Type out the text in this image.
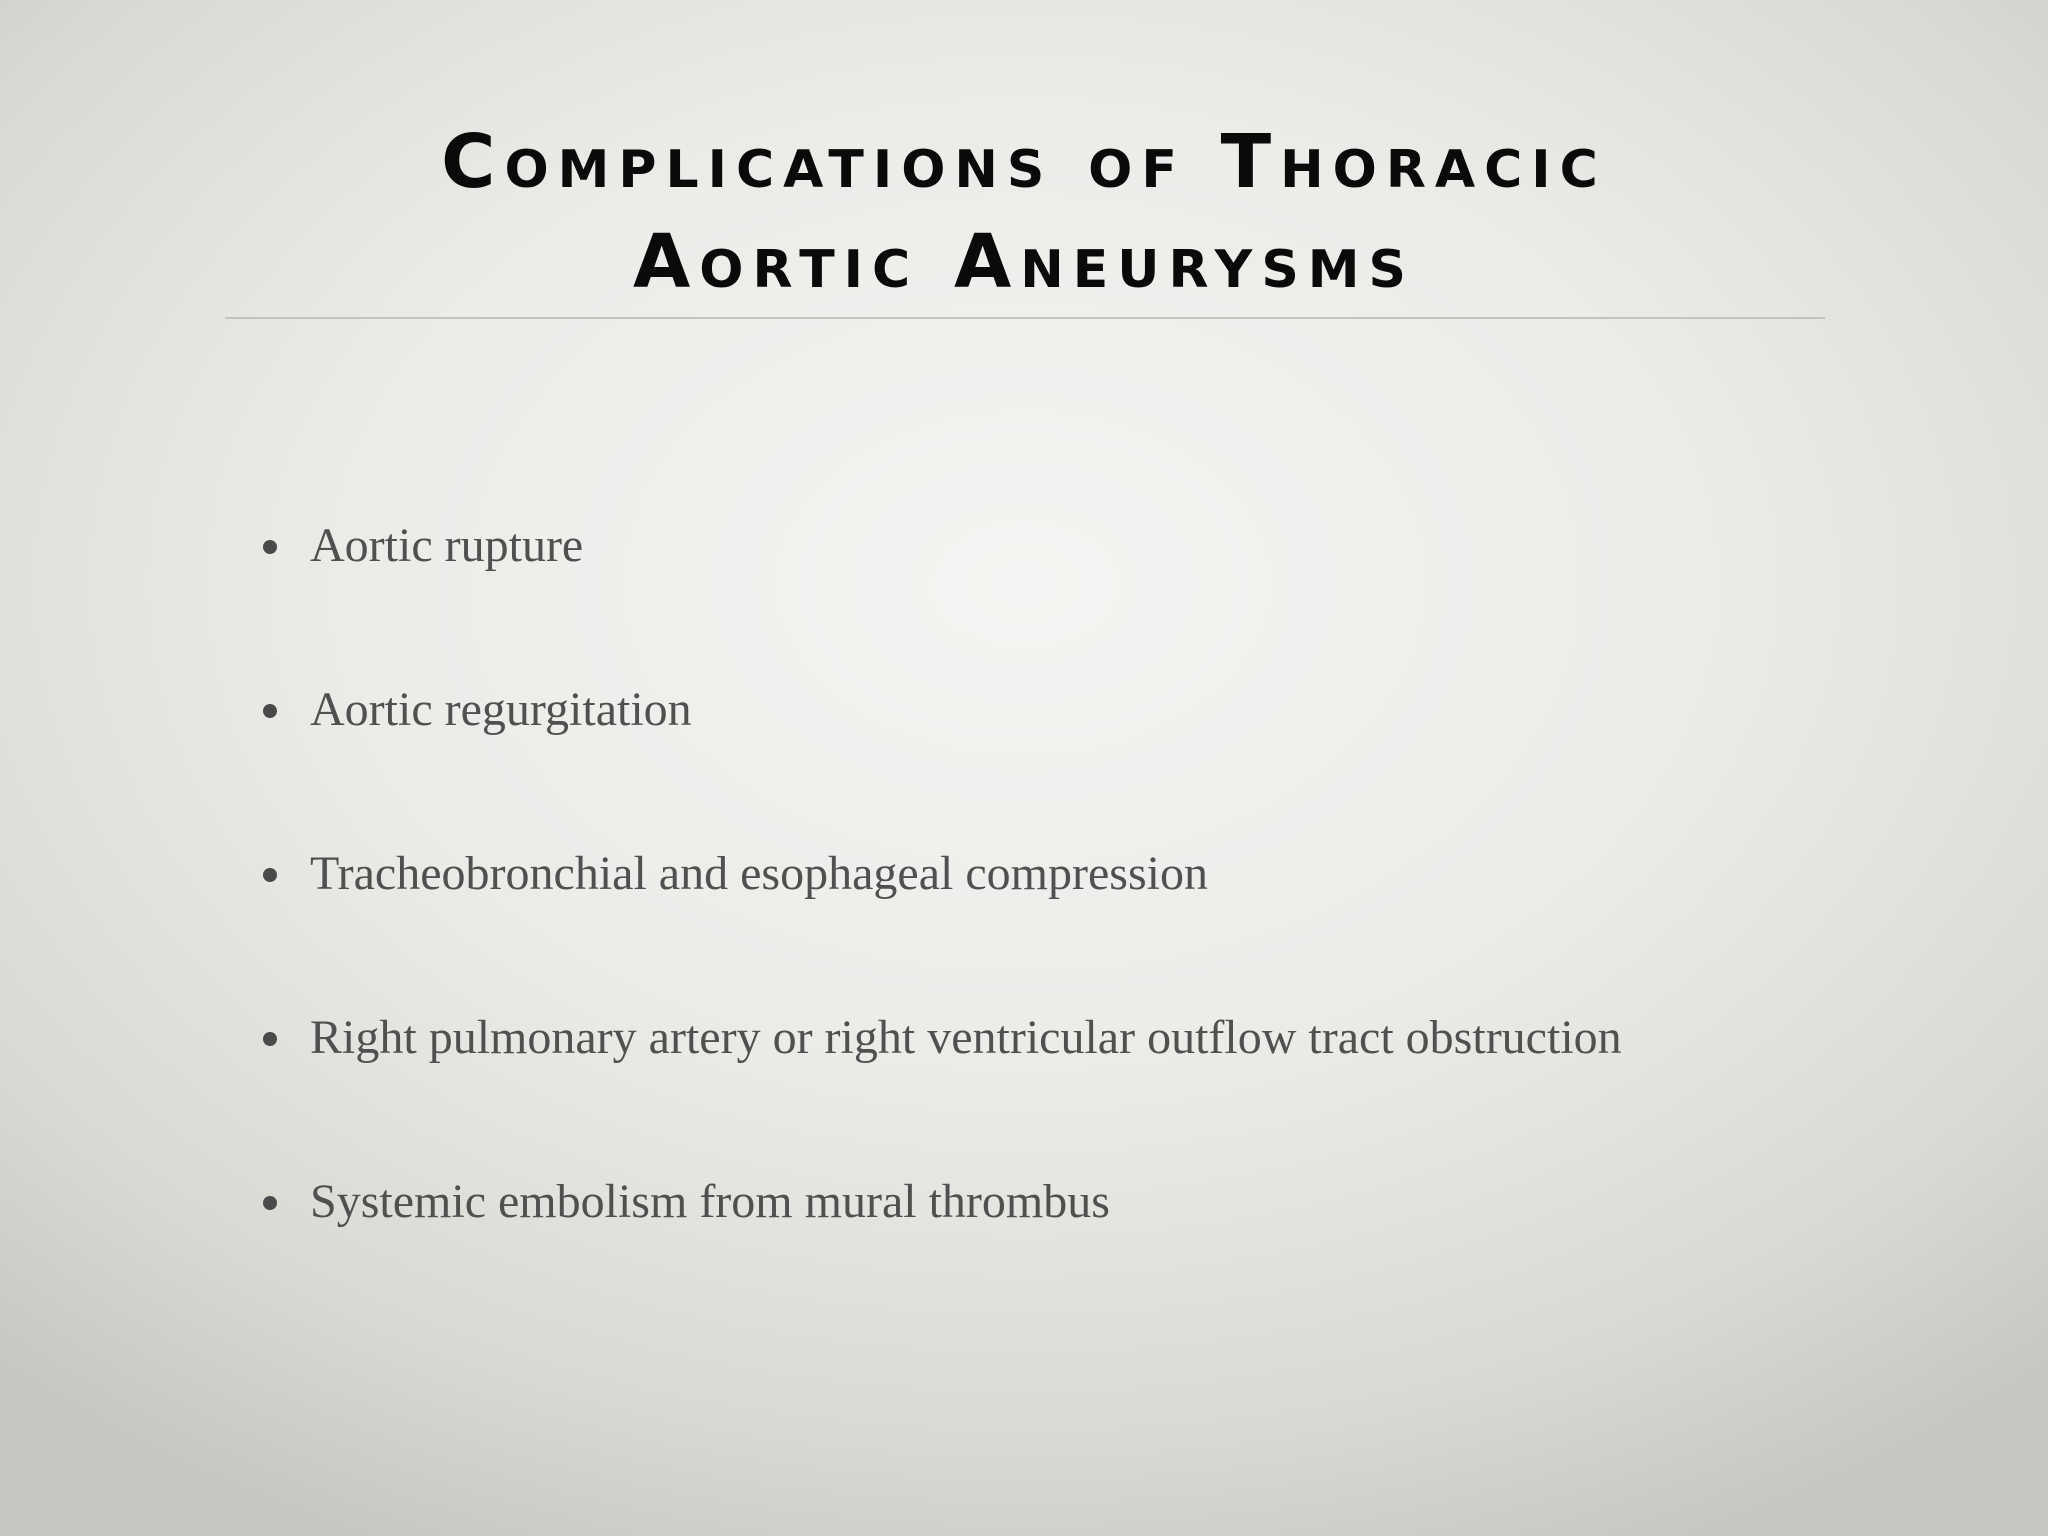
Complications of Thoracic
Aortic Aneurysms
Aortic rupture
Aortic regurgitation
Tracheobronchial and esophageal compression
Right pulmonary artery or right ventricular outflow tract obstruction
Systemic embolism from mural thrombus
